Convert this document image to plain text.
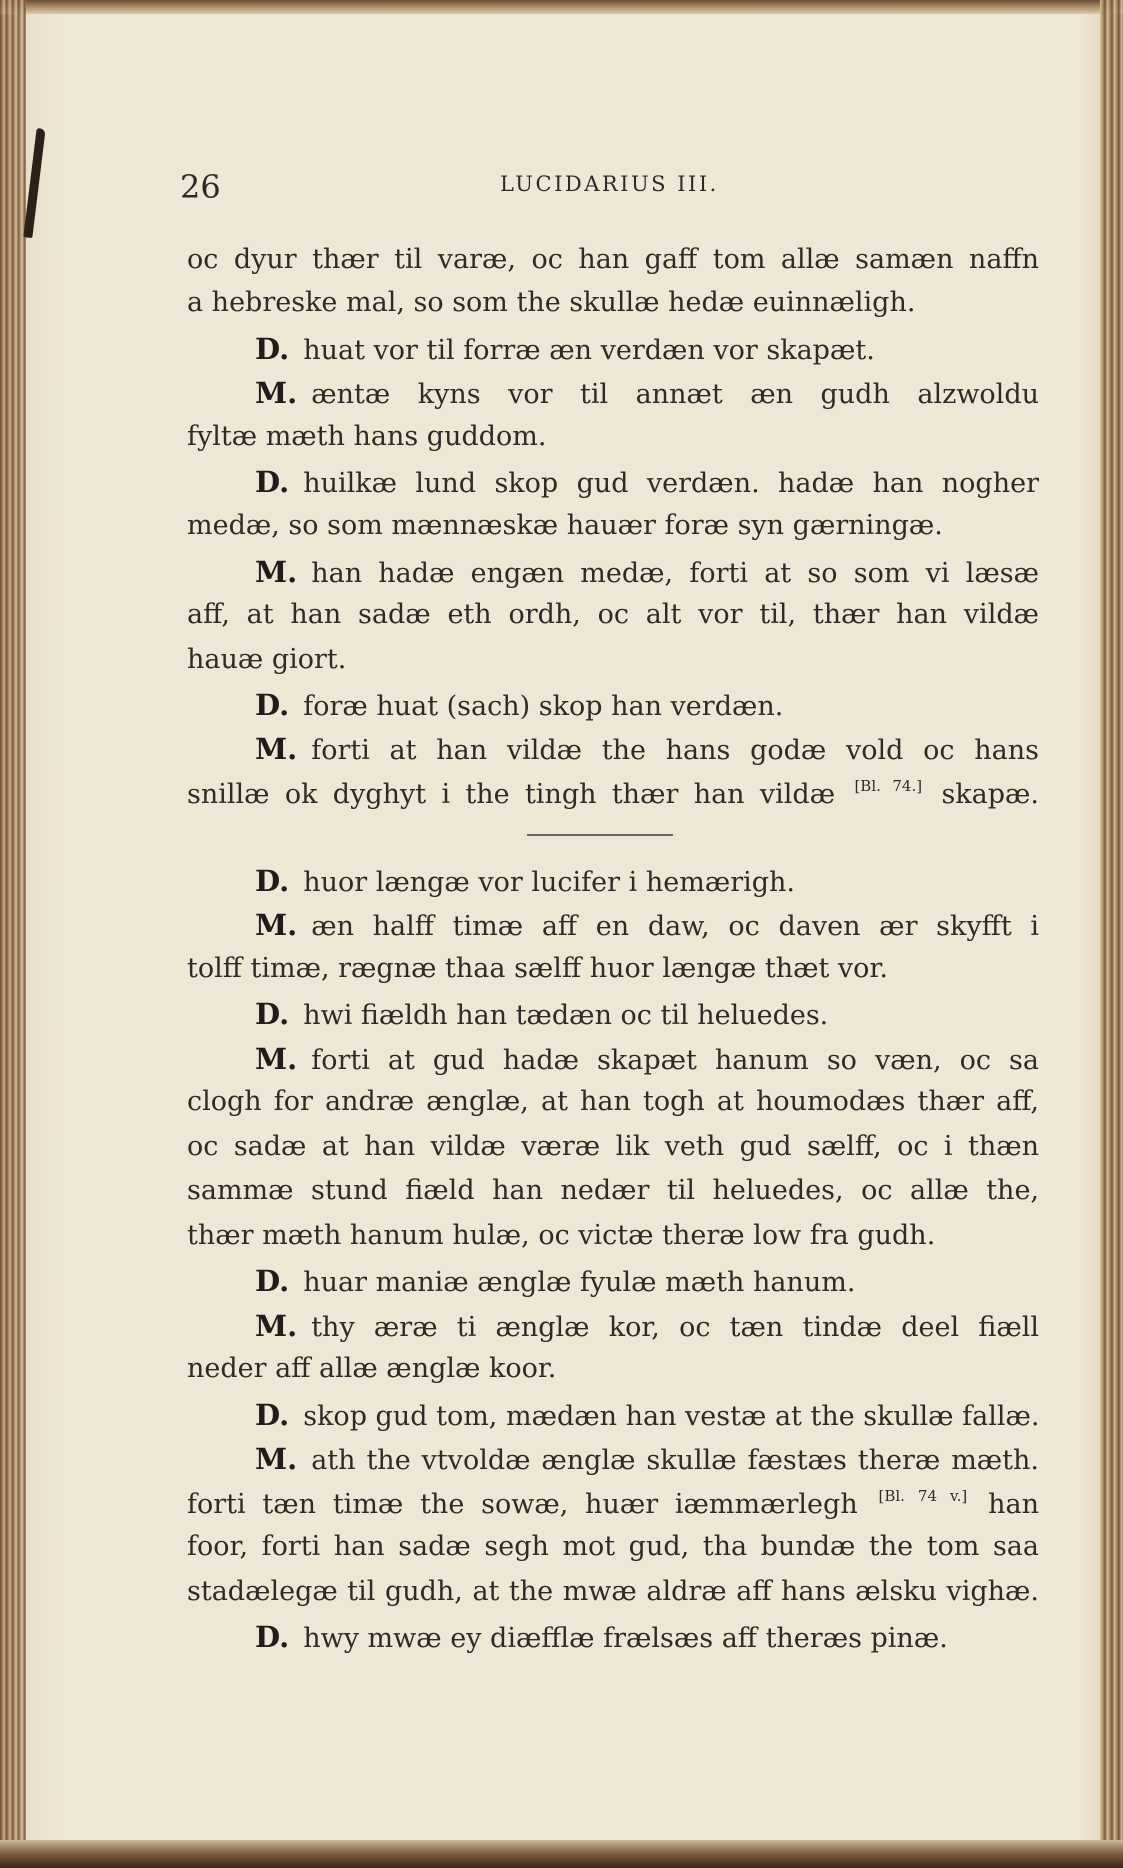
26	LUCIDARIUS III.
oc dyur thær til varæ, oc han gaff tom allæ samæn naffn
a hebreske mal, so som the skullæ hedæ euinnæligh.
D. huat vor til forræ æn verdæn vor skapæt.
M. æntæ kyns vor til annæt æn gudh alzwoldu
fyltæ mæth hans guddom.
D. huilkæ lund skop gud verdæn. hadæ han nogher
medæ, so som mænnæskæ hauær foræ syn gærningæ.
M. han hadæ engæn medæ, forti at so som vi læsæ
aff, at han sadæ eth ordh, oc alt vor til, thær han vildæ
hauæ giort.
D. foræ huat (sach) skop han verdæn.
M. forti at han vildæ the hans godæ vold oc hans
snillæ ok dyghyt i the tingh thær han vildæ [Bl. 74.] skapæ.
D. huor længæ vor lucifer i hemærigh.
M. æn halff timæ aff en daw, oc daven ær skyfft i
tolff timæ, rægnæ thaa sælff huor længæ thæt vor.
D. hwi fiældh han tædæn oc til heluedes.
M. forti at gud hadæ skapæt hanum so væn, oc sa
clogh for andræ ænglæ, at han togh at houmodæs thær aff,
oc sadæ at han vildæ væræ lik veth gud sælff, oc i thæn
sammæ stund fiæld han nedær til heluedes, oc allæ the,
thær mæth hanum hulæ, oc victæ theræ low fra gudh.
D. huar maniæ ænglæ fyulæ mæth hanum.
M. thy æræ ti ænglæ kor, oc tæn tindæ deel fiæll
neder aff allæ ænglæ koor.
D. skop gud tom, mædæn han vestæ at the skullæ fallæ.
M. ath the vtvoldæ ænglæ skullæ fæstæs theræ mæth.
forti tæn timæ the sowæ, huær iæmmærlegh [Bl. 74 v.] han
foor, forti han sadæ segh mot gud, tha bundæ the tom saa
stadælegæ til gudh, at the mwæ aldræ aff hans ælsku vighæ.
D. hwy mwæ ey diæfflæ frælsæs aff theræs pinæ.
